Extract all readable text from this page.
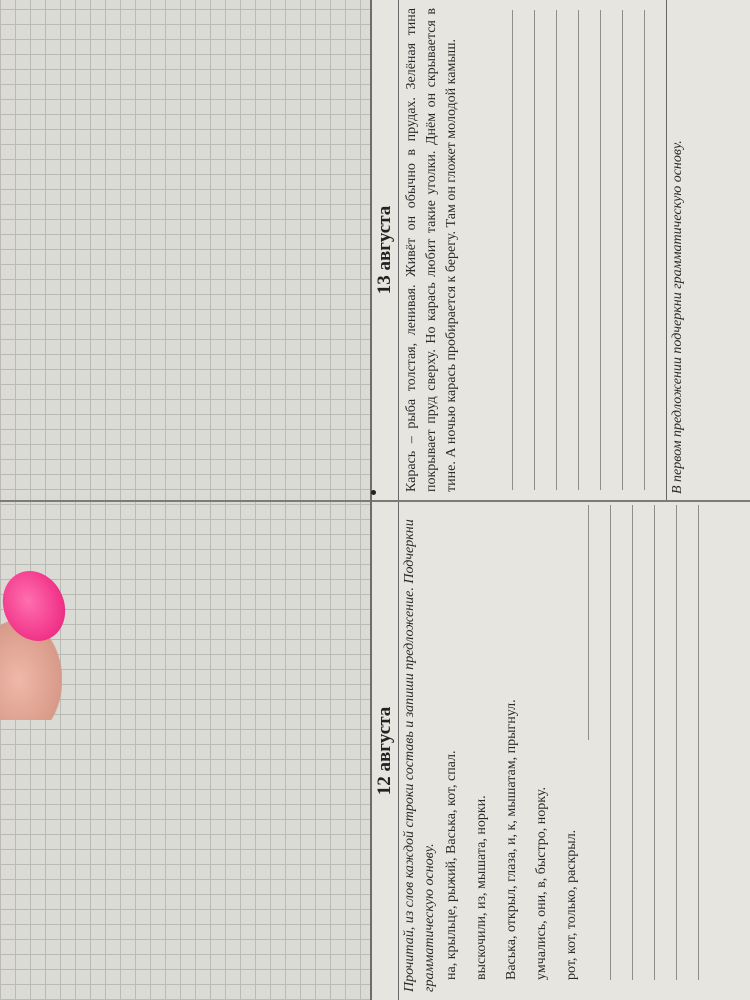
12 августа Прочитай, из слов каждой строки составь и запиши предложение. Подчеркни грамматическую основу. на, крыльце, рыжий, Васька, кот, спал. выскочили, из, мышата, норки. Васька, открыл, глаза, и, к, мышатам, прыгнул. умчались, они, в, быстро, норку. рот, кот, только, раскрыл.
13 августа Карась – рыба толстая, ленивая. Живёт он обычно в прудах. Зелёная тина покрывает пруд сверху. Но карась любит такие уголки. Днём он скрывается в тине. А ночью карась пробирается к берегу. Там он гложет молодой камыш.	В первом предложении подчеркни грамматическую основу.
